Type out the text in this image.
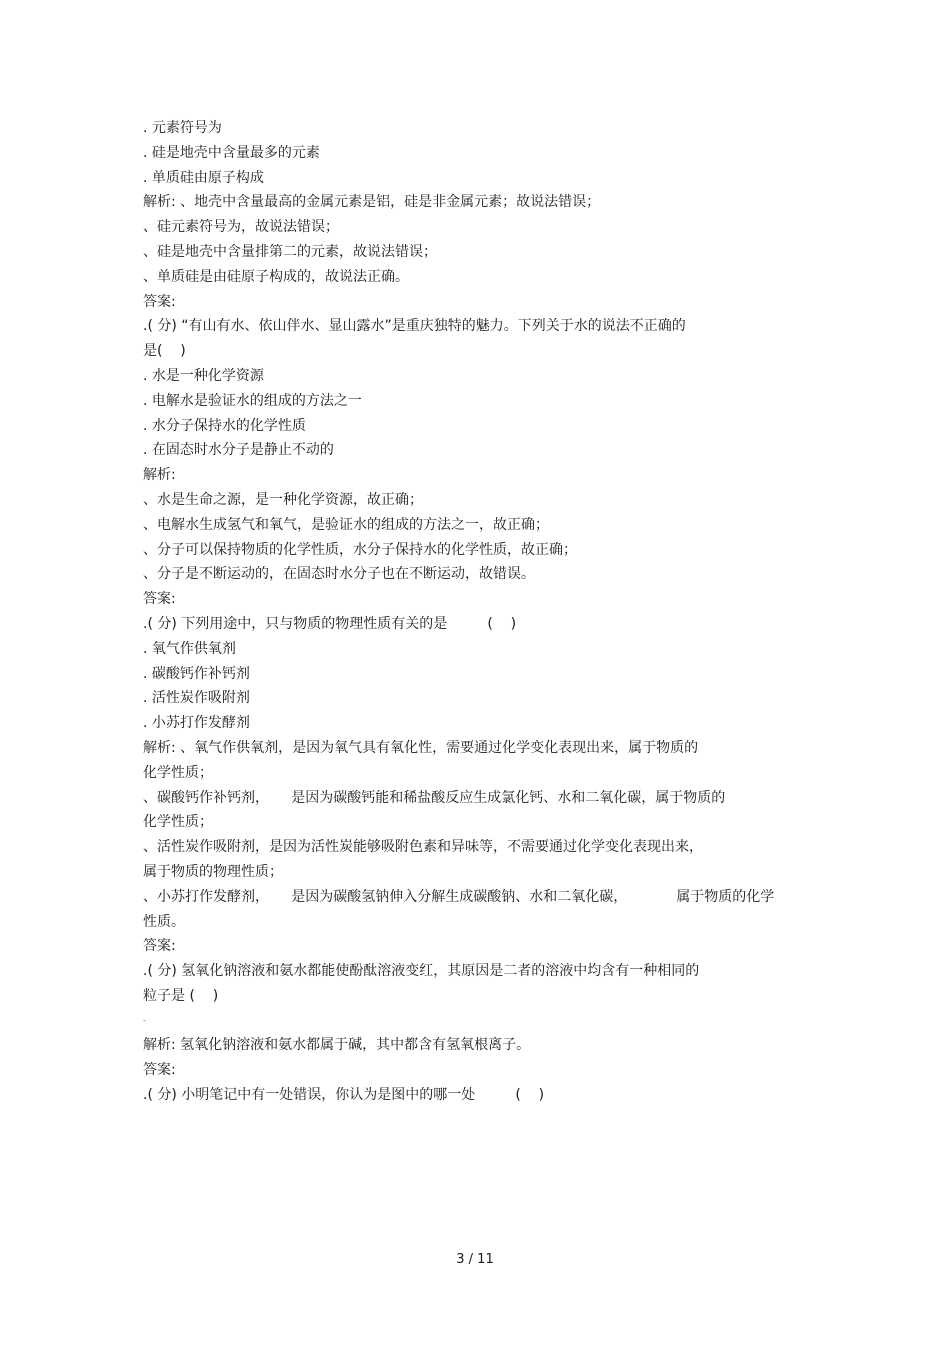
. 元素符号为
. 硅是地壳中含量最多的元素
. 单质硅由原子构成
解析: 、地壳中含量最高的金属元素是铝，硅是非金属元素；故说法错误；
、硅元素符号为，故说法错误；
、硅是地壳中含量排第二的元素，故说法错误；
、单质硅是由硅原子构成的，故说法正确。
答案:
.( 分) “有山有水、依山伴水、显山露水”是重庆独特的魅力。下列关于水的说法不正确的
是(    )
. 水是一种化学资源
. 电解水是验证水的组成的方法之一
. 水分子保持水的化学性质
. 在固态时水分子是静止不动的
解析:
、水是生命之源，是一种化学资源，故正确；
、电解水生成氢气和氧气，是验证水的组成的方法之一，故正确；
、分子可以保持物质的化学性质，水分子保持水的化学性质，故正确；
、分子是不断运动的，在固态时水分子也在不断运动，故错误。
答案:
.( 分) 下列用途中，只与物质的物理性质有关的是         (    )
. 氧气作供氧剂
. 碳酸钙作补钙剂
. 活性炭作吸附剂
. 小苏打作发酵剂
解析: 、氧气作供氧剂，是因为氧气具有氧化性，需要通过化学变化表现出来，属于物质的
化学性质；
、碳酸钙作补钙剂，     是因为碳酸钙能和稀盐酸反应生成氯化钙、水和二氧化碳，属于物质的
化学性质；
、活性炭作吸附剂，是因为活性炭能够吸附色素和异味等，不需要通过化学变化表现出来，
属于物质的物理性质；
、小苏打作发酵剂，     是因为碳酸氢钠伸入分解生成碳酸钠、水和二氧化碳，           属于物质的化学
性质。
答案:
.( 分) 氢氧化钠溶液和氨水都能使酚酞溶液变红，其原因是二者的溶液中均含有一种相同的
粒子是 (    )
-
解析: 氢氧化钠溶液和氨水都属于碱，其中都含有氢氧根离子。
答案:
.( 分) 小明笔记中有一处错误，你认为是图中的哪一处         (    )
3 / 11
